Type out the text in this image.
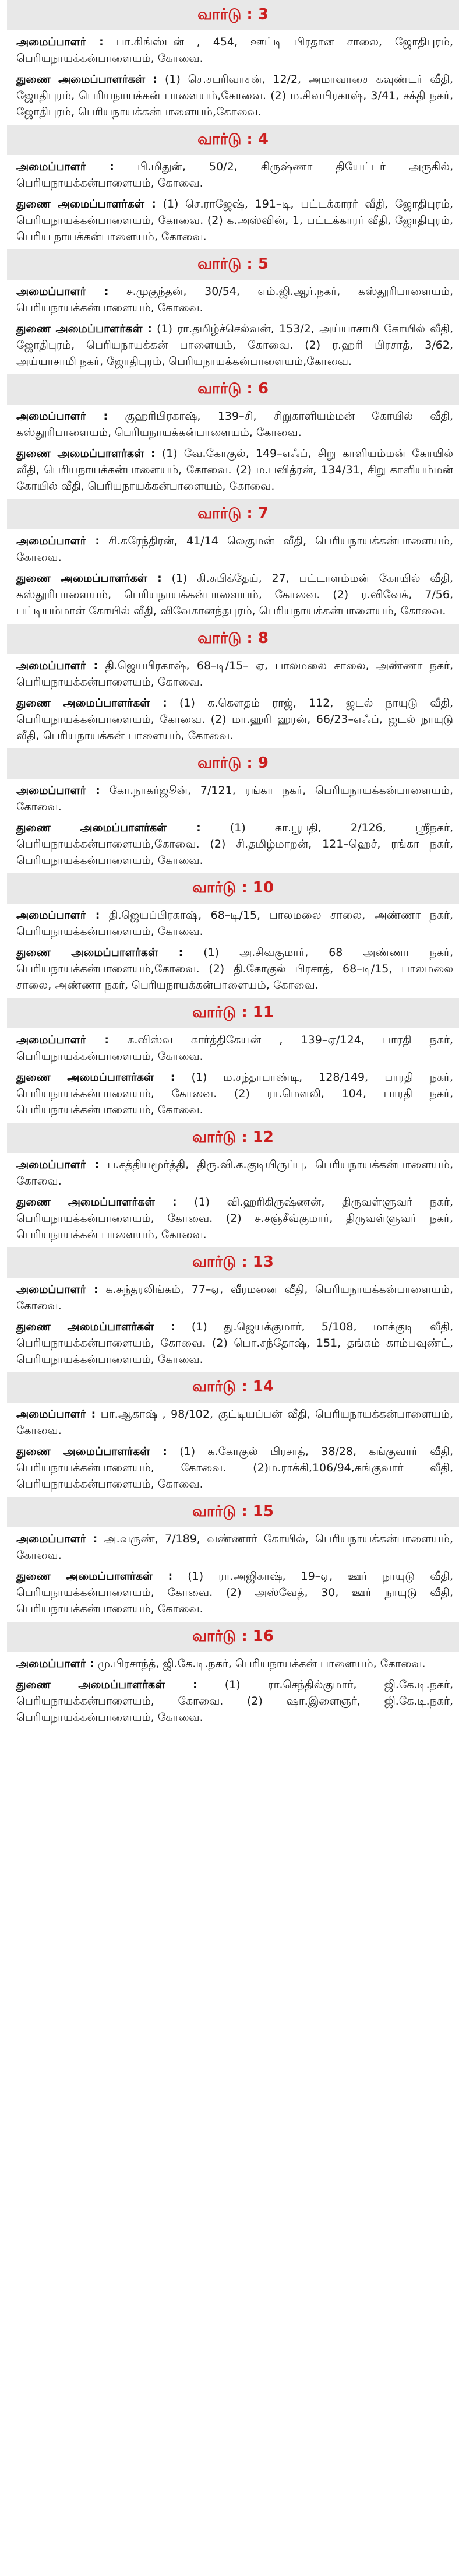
வார்டு : 3
அமைப்பாளர் : பா.கிங்ஸ்டன் , 454, ஊட்டி பிரதான சாலை, ஜோதிபுரம், பெரியநாயக்கன்பாளையம், கோவை.
துணை அமைப்பாளர்கள் : (1) செ.சபரிவாசன், 12/2, அமாவாசை கவுண்டர் வீதி, ஜோதிபுரம், பெரியநாயக்கன் பாளையம்,கோவை. (2) ம.சிவபிரகாஷ், 3/41, சக்தி நகர், ஜோதிபுரம், பெரியநாயக்கன்பாளையம்,கோவை.
வார்டு : 4
அமைப்பாளர் : பி.மிதுன், 50/2, கிருஷ்ணா தியேட்டர் அருகில், பெரியநாயக்கன்பாளையம், கோவை.
துணை அமைப்பாளர்கள் : (1) செ.ராஜேஷ், 191–டி, பட்டக்காரர் வீதி, ஜோதிபுரம், பெரியநாயக்கன்பாளையம், கோவை. (2) க.அஸ்வின், 1, பட்டக்காரர் வீதி, ஜோதிபுரம், பெரிய நாயக்கன்பாளையம், கோவை.
வார்டு : 5
அமைப்பாளர் : ச.முகுந்தன், 30/54, எம்.ஜி.ஆர்.நகர், கஸ்தூரிபாளையம், பெரியநாயக்கன்பாளையம், கோவை.
துணை அமைப்பாளர்கள் : (1) ரா.தமிழ்ச்செல்வன், 153/2, அய்யாசாமி கோயில் வீதி, ஜோதிபுரம், பெரியநாயக்கன் பாளையம், கோவை. (2) ர.ஹரி பிரசாத், 3/62, அய்யாசாமி நகர், ஜோதிபுரம், பெரியநாயக்கன்பாளையம்,கோவை.
வார்டு : 6
அமைப்பாளர் : குஹரிபிரகாஷ், 139–சி, சிறுகாளியம்மன் கோயில் வீதி, கஸ்தூரிபாளையம், பெரியநாயக்கன்பாளையம், கோவை.
துணை அமைப்பாளர்கள் : (1) வே.கோகுல், 149–எஃப், சிறு காளியம்மன் கோயில் வீதி, பெரியநாயக்கன்பாளையம், கோவை. (2) ம.பவித்ரன், 134/31, சிறு காளியம்மன் கோயில் வீதி, பெரியநாயக்கன்பாளையம், கோவை.
வார்டு : 7
அமைப்பாளர் : சி.சுரேந்திரன், 41/14 லெகுமன் வீதி, பெரியநாயக்கன்பாளையம், கோவை.
துணை அமைப்பாளர்கள் : (1) கி.சுபிக்தேய், 27, பட்டாளம்மன் கோயில் வீதி, கஸ்தூரிபாளையம், பெரியநாயக்கன்பாளையம், கோவை. (2) ர.விவேக், 7/56, பட்டியம்மாள் கோயில் வீதி, விவேகானந்தபுரம், பெரியநாயக்கன்பாளையம், கோவை.
வார்டு : 8
அமைப்பாளர் : தி.ஜெயபிரகாஷ், 68–டி/15– ஏ, பாலமலை சாலை, அண்ணா நகர், பெரியநாயக்கன்பாளையம், கோவை.
துணை அமைப்பாளர்கள் : (1) க.கௌதம் ராஜ், 112, ஜடல் நாயுடு வீதி, பெரியநாயக்கன்பாளையம், கோவை. (2) மா.ஹரி ஹரன், 66/23–எஃப், ஜடல் நாயுடு வீதி, பெரியநாயக்கன் பாளையம், கோவை.
வார்டு : 9
அமைப்பாளர் : கோ.நாகர்ஜூன், 7/121, ரங்கா நகர், பெரியநாயக்கன்பாளையம், கோவை.
துணை அமைப்பாளர்கள் :	(1) கா.பூபதி, 2/126, ஸ்ரீநகர், பெரியநாயக்கன்பாளையம்,கோவை. (2) சி.தமிழ்மாறன், 121–ஹெச், ரங்கா நகர், பெரியநாயக்கன்பாளையம், கோவை.
வார்டு : 10
அமைப்பாளர் : தி.ஜெயப்பிரகாஷ், 68–டி/15, பாலமலை சாலை, அண்ணா நகர், பெரியநாயக்கன்பாளையம், கோவை.
துணை அமைப்பாளர்கள் : (1) அ.சிவகுமார், 68 அண்ணா நகர், பெரியநாயக்கன்பாளையம்,கோவை. (2) தி.கோகுல் பிரசாத், 68–டி/15, பாலமலை சாலை, அண்ணா நகர், பெரியநாயக்கன்பாளையம், கோவை.
வார்டு : 11
அமைப்பாளர் : க.விஸ்வ கார்த்திகேயன் , 139–ஏ/124, பாரதி நகர், பெரியநாயக்கன்பாளையம், கோவை.
துணை அமைப்பாளர்கள் : (1) ம.சந்தாபாண்டி, 128/149, பாரதி நகர், பெரியநாயக்கன்பாளையம், கோவை. (2) ரா.மௌலி, 104, பாரதி நகர், பெரியநாயக்கன்பாளையம், கோவை.
வார்டு : 12
அமைப்பாளர் : ப.சத்தியமூர்த்தி, திரு.வி.க.குடியிருப்பு, பெரியநாயக்கன்பாளையம், கோவை.
துணை அமைப்பாளர்கள் : (1) வி.ஹரிகிருஷ்ணன், திருவள்ளுவர் நகர், பெரியநாயக்கன்பாளையம், கோவை. (2) ச.சஞ்சீவ்குமார், திருவள்ளுவர் நகர், பெரியநாயக்கன் பாளையம், கோவை.
வார்டு : 13
அமைப்பாளர் : க.சுந்தரலிங்கம், 77–ஏ, வீரமனை வீதி, பெரியநாயக்கன்பாளையம், கோவை.
துணை அமைப்பாளர்கள் : (1) து.ஜெயக்குமார், 5/108, மாக்குடி வீதி, பெரியநாயக்கன்பாளையம், கோவை. (2) பொ.சந்தோஷ், 151, தங்கம் காம்பவுண்ட், பெரியநாயக்கன்பாளையம், கோவை.
வார்டு : 14
அமைப்பாளர் : பா.ஆகாஷ் , 98/102, குட்டியப்பன் வீதி, பெரியநாயக்கன்பாளையம், கோவை.
துணை அமைப்பாளர்கள் : (1) க.கோகுல் பிரசாத், 38/28, கங்குவார் வீதி, பெரியநாயக்கன்பாளையம், கோவை. (2)ம.ராக்கி,106/94,கங்குவார் வீதி, பெரியநாயக்கன்பாளையம், கோவை.
வார்டு : 15
அமைப்பாளர் : அ.வருண், 7/189, வண்ணார் கோயில், பெரியநாயக்கன்பாளையம், கோவை.
துணை அமைப்பாளர்கள் : (1) ரா.அஜிகாஷ், 19–ஏ, ஊர் நாயுடு வீதி, பெரியநாயக்கன்பாளையம், கோவை. (2) அஸ்வேத், 30, ஊர் நாயுடு வீதி, பெரியநாயக்கன்பாளையம், கோவை.
வார்டு : 16
அமைப்பாளர் : மு.பிரசாந்த், ஜி.கே.டி.நகர், பெரியநாயக்கன் பாளையம், கோவை.
துணை அமைப்பாளர்கள் : (1) ரா.செந்தில்குமார், ஜி.கே.டி.நகர், பெரியநாயக்கன்பாளையம், கோவை. (2) ஷா.இளைஞர், ஜி.கே.டி.நகர், பெரியநாயக்கன்பாளையம், கோவை.
